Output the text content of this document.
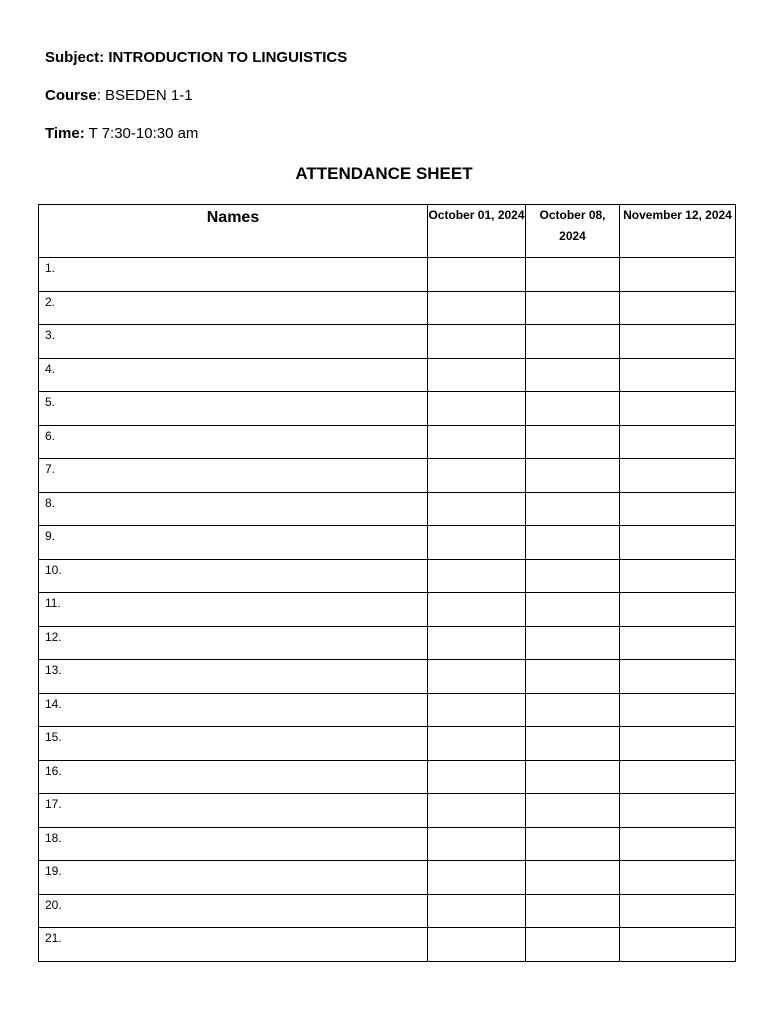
Subject: INTRODUCTION TO LINGUISTICS
Course: BSEDEN 1-1
Time: T 7:30-10:30 am
ATTENDANCE SHEET
Names	October 01, 2024	October 08, 2024	November 12, 2024
1.			
2.			
3.			
4.			
5.			
6.			
7.			
8.			
9.			
10.			
11.			
12.			
13.			
14.			
15.			
16.			
17.			
18.			
19.			
20.			
21.			
